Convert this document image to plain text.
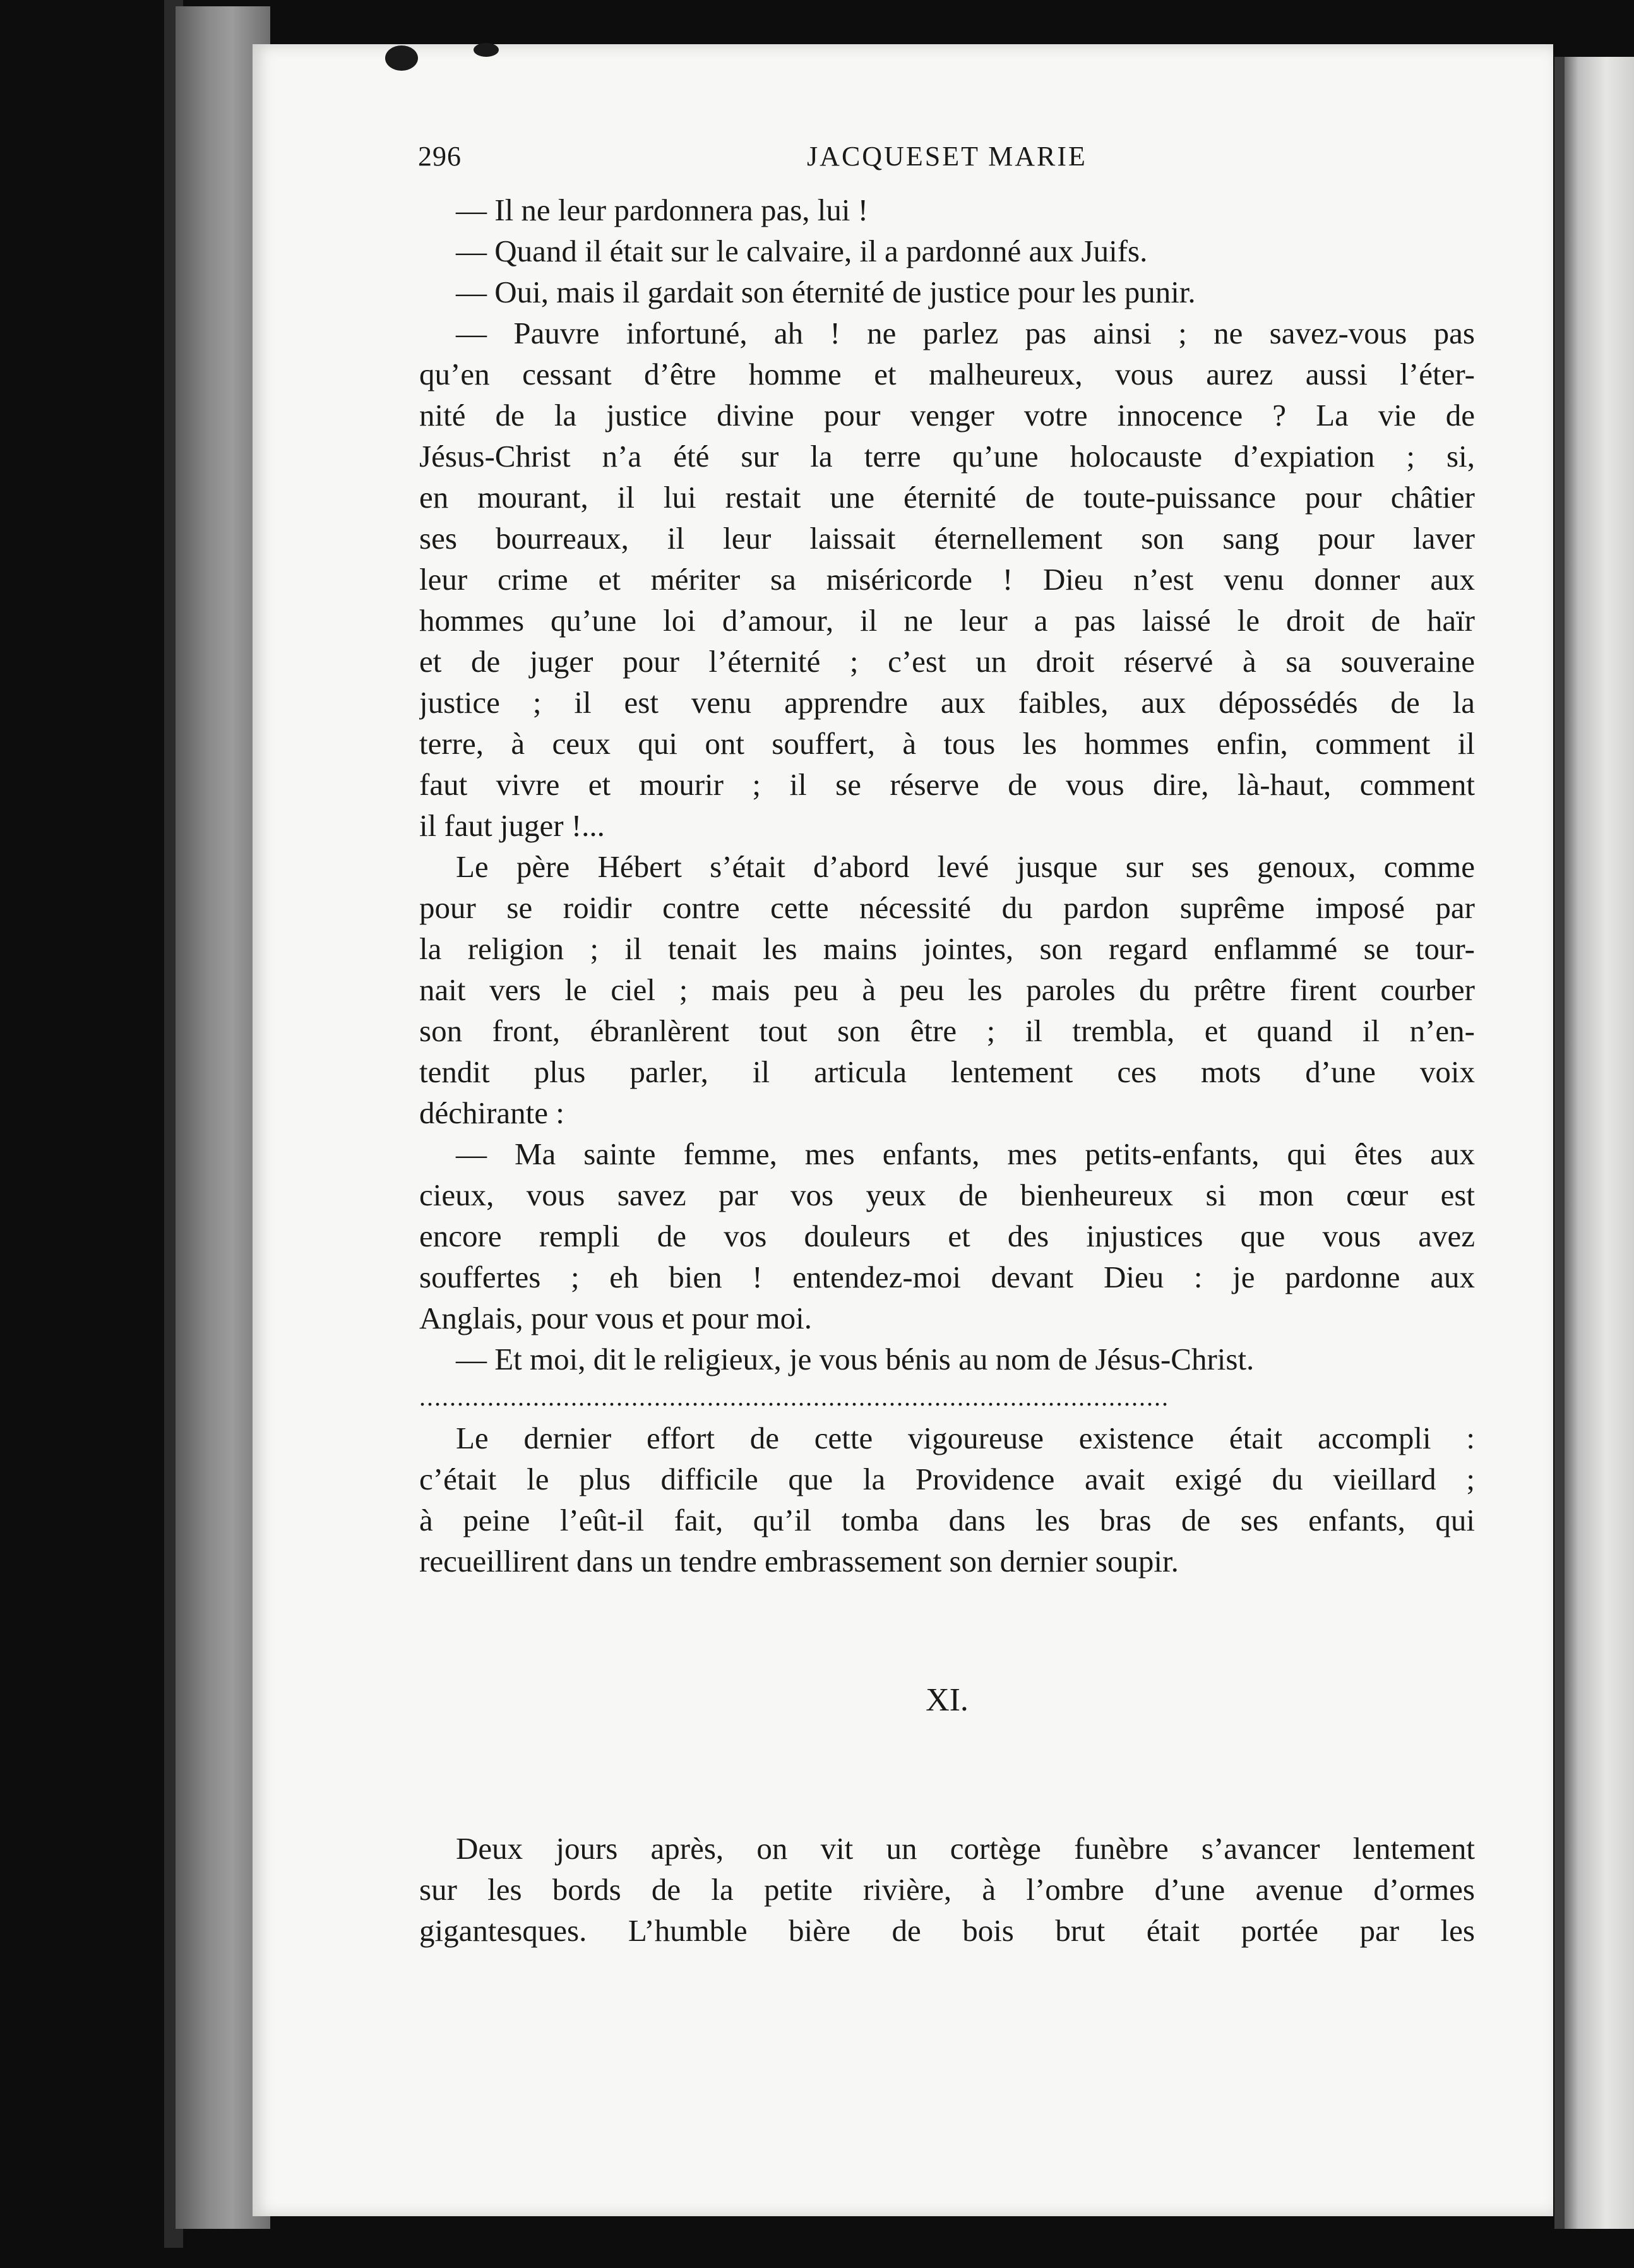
296	JACQUESET MARIE
— Il ne leur pardonnera pas, lui !
— Quand il était sur le calvaire, il a pardonné aux Juifs.
— Oui, mais il gardait son éternité de justice pour les punir.
— Pauvre infortuné, ah ! ne parlez pas ainsi ; ne savez-vous pas
qu’en cessant d’être homme et malheureux, vous aurez aussi l’éter-
nité de la justice divine pour venger votre innocence ? La vie de
Jésus-Christ n’a été sur la terre qu’une holocauste d’expiation ; si,
en mourant, il lui restait une éternité de toute-puissance pour châtier
ses bourreaux, il leur laissait éternellement son sang pour laver
leur crime et mériter sa miséricorde ! Dieu n’est venu donner aux
hommes qu’une loi d’amour, il ne leur a pas laissé le droit de haïr
et de juger pour l’éternité ; c’est un droit réservé à sa souveraine
justice ; il est venu apprendre aux faibles, aux dépossédés de la
terre, à ceux qui ont souffert, à tous les hommes enfin, comment il
faut vivre et mourir ; il se réserve de vous dire, là-haut, comment
il faut juger !...
Le père Hébert s’était d’abord levé jusque sur ses genoux, comme
pour se roidir contre cette nécessité du pardon suprême imposé par
la religion ; il tenait les mains jointes, son regard enflammé se tour-
nait vers le ciel ; mais peu à peu les paroles du prêtre firent courber
son front, ébranlèrent tout son être ; il trembla, et quand il n’en-
tendit plus parler, il articula lentement ces mots d’une voix
déchirante :
— Ma sainte femme, mes enfants, mes petits-enfants, qui êtes aux
cieux, vous savez par vos yeux de bienheureux si mon cœur est
encore rempli de vos douleurs et des injustices que vous avez
souffertes ; eh bien ! entendez-moi devant Dieu : je pardonne aux
Anglais, pour vous et pour moi.
— Et moi, dit le religieux, je vous bénis au nom de Jésus-Christ.
...................................................................................................
Le dernier effort de cette vigoureuse existence était accompli :
c’était le plus difficile que la Providence avait exigé du vieillard ;
à peine l’eût-il fait, qu’il tomba dans les bras de ses enfants, qui
recueillirent dans un tendre embrassement son dernier soupir.
XI.
Deux jours après, on vit un cortège funèbre s’avancer lentement
sur les bords de la petite rivière, à l’ombre d’une avenue d’ormes
gigantesques. L’humble bière de bois brut était portée par les
